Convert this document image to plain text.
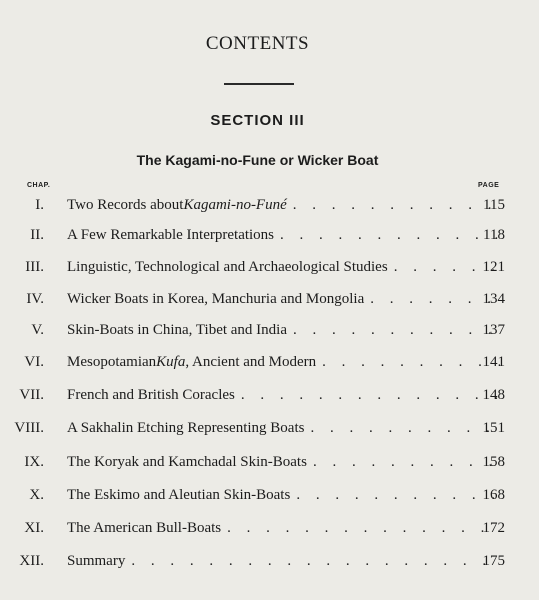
CONTENTS
SECTION III
The Kagami-no-Fune or Wicker Boat
CHAP.	PAGE
I. Two Records about Kagami-no-Funé . . .	115
II. A Few Remarkable Interpretations . . .	118
III. Linguistic, Technological and Archaeological Studies . . .	121
IV. Wicker Boats in Korea, Manchuria and Mongolia . . .	134
V. Skin-Boats in China, Tibet and India . . .	137
VI. Mesopotamian Kufa , Ancient and Modern . . .	141
VII. French and British Coracles . . .	148
VIII. A Sakhalin Etching Representing Boats . . .	151
IX. The Koryak and Kamchadal Skin-Boats . . .	158
X. The Eskimo and Aleutian Skin-Boats . . .	168
XI. The American Bull-Boats . . .	172
XII. Summary . . .	175
